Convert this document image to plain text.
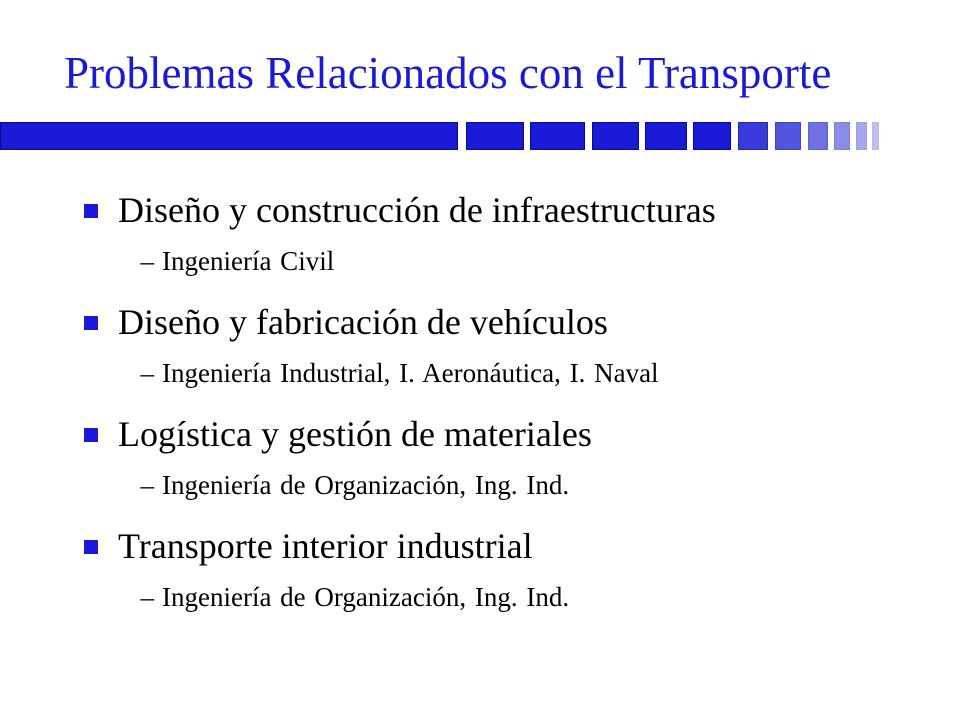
Problemas Relacionados con el Transporte
Diseño y construcción de infraestructuras
– Ingeniería Civil
Diseño y fabricación de vehículos
– Ingeniería Industrial, I. Aeronáutica, I. Naval
Logística y gestión de materiales
– Ingeniería de Organización, Ing. Ind.
Transporte interior industrial
– Ingeniería de Organización, Ing. Ind.
